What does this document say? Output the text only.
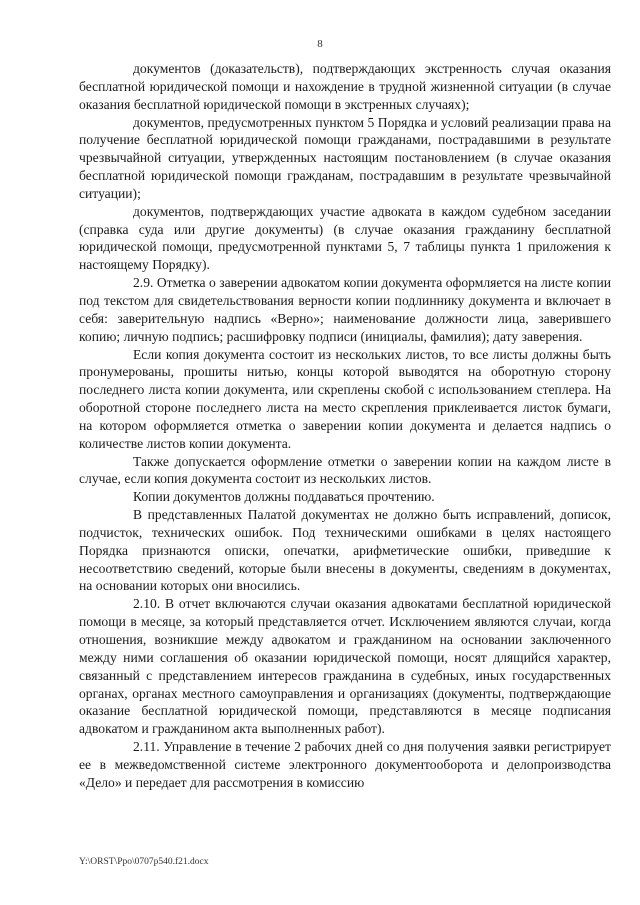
8

документов (доказательств), подтверждающих экстренность случая оказания бесплатной юридической помощи и нахождение в трудной жизненной ситуации (в случае оказания бесплатной юридической помощи в экстренных случаях);

документов, предусмотренных пунктом 5 Порядка и условий реализации права на получение бесплатной юридической помощи гражданами, пострадавшими в результате чрезвычайной ситуации, утвержденных настоящим постановлением (в случае оказания бесплатной юридической помощи гражданам, пострадавшим в результате чрезвычайной ситуации);

документов, подтверждающих участие адвоката в каждом судебном заседании (справка суда или другие документы) (в случае оказания гражданину бесплатной юридической помощи, предусмотренной пунктами 5, 7 таблицы пункта 1 приложения к настоящему Порядку).

2.9. Отметка о заверении адвокатом копии документа оформляется на листе копии под текстом для свидетельствования верности копии подлиннику документа и включает в себя: заверительную надпись «Верно»; наименование должности лица, заверившего копию; личную подпись; расшифровку подписи (инициалы, фамилия); дату заверения.

Если копия документа состоит из нескольких листов, то все листы должны быть пронумерованы, прошиты нитью, концы которой выводятся на оборотную сторону последнего листа копии документа, или скреплены скобой с использованием степлера. На оборотной стороне последнего листа на место скрепления приклеивается листок бумаги, на котором оформляется отметка о заверении копии документа и делается надпись о количестве листов копии документа.

Также допускается оформление отметки о заверении копии на каждом листе в случае, если копия документа состоит из нескольких листов.

Копии документов должны поддаваться прочтению.

В представленных Палатой документах не должно быть исправлений, дописок, подчисток, технических ошибок. Под техническими ошибками в целях настоящего Порядка признаются описки, опечатки, арифметические ошибки, приведшие к несоответствию сведений, которые были внесены в документы, сведениям в документах, на основании которых они вносились.

2.10. В отчет включаются случаи оказания адвокатами бесплатной юридической помощи в месяце, за который представляется отчет. Исключением являются случаи, когда отношения, возникшие между адвокатом и гражданином на основании заключенного между ними соглашения об оказании юридической помощи, носят длящийся характер, связанный с представлением интересов гражданина в судебных, иных государственных органах, органах местного самоуправления и организациях (документы, подтверждающие оказание бесплатной юридической помощи, представляются в месяце подписания адвокатом и гражданином акта выполненных работ).

2.11. Управление в течение 2 рабочих дней со дня получения заявки регистрирует ее в межведомственной системе электронного документооборота и делопроизводства «Дело» и передает для рассмотрения в комиссию

Y:\ORST\Ppo\0707p540.f21.docx
